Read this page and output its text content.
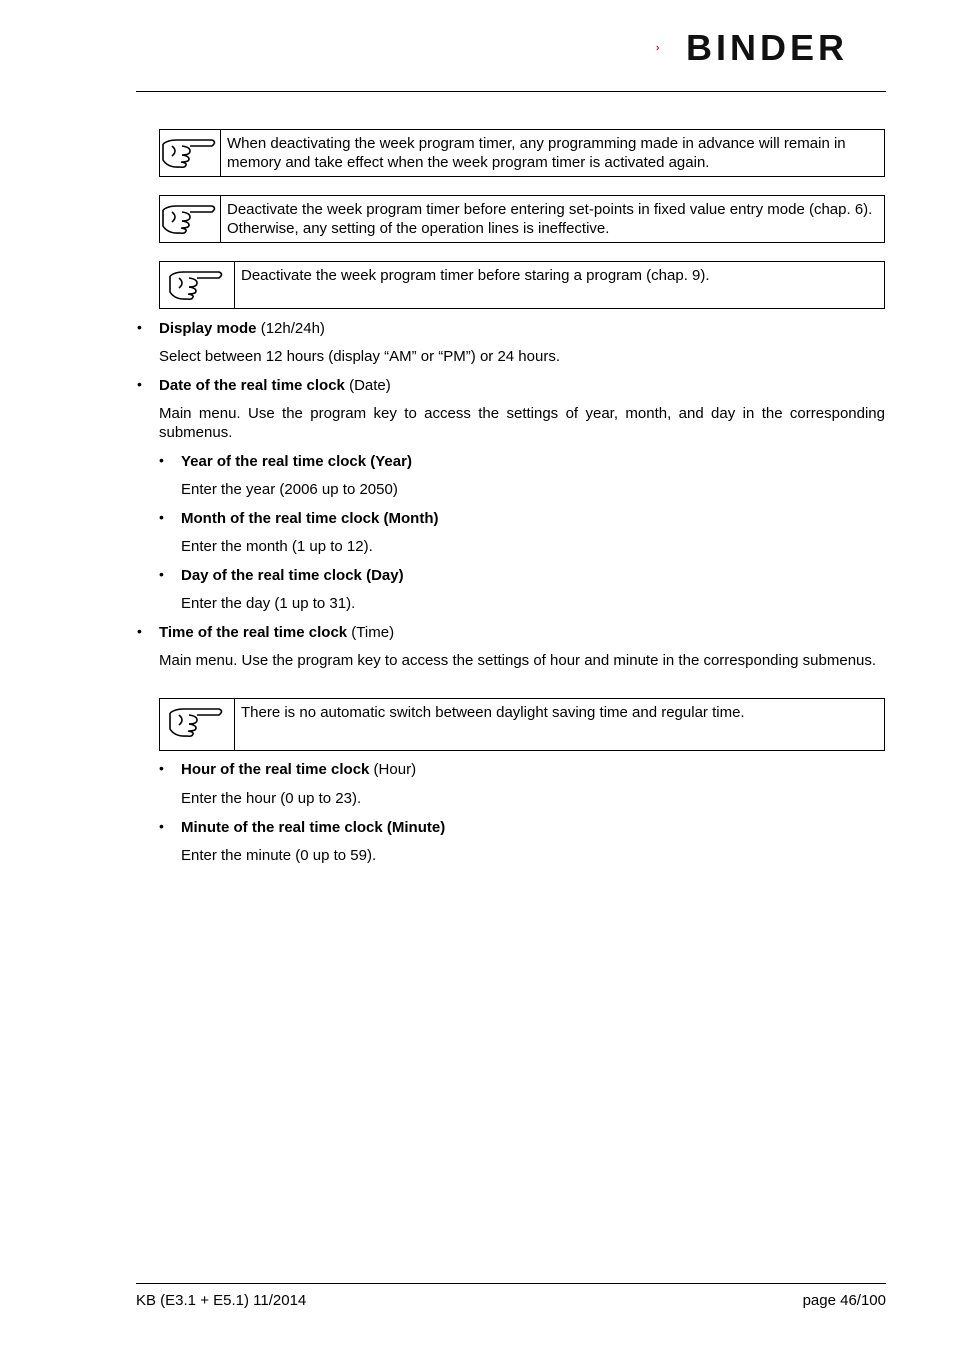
BINDER
When deactivating the week program timer, any programming made in advance will remain in memory and take effect when the week program timer is activated again.
Deactivate the week program timer before entering set-points in fixed value entry mode (chap. 6). Otherwise, any setting of the operation lines is ineffective.
Deactivate the week program timer before staring a program (chap. 9).
• Display mode (12h/24h)
Select between 12 hours (display “AM” or “PM”) or 24 hours.
• Date of the real time clock (Date)
Main menu. Use the program key to access the settings of year, month, and day in the corresponding submenus.
• Year of the real time clock (Year)
Enter the year (2006 up to 2050)
• Month of the real time clock (Month)
Enter the month (1 up to 12).
• Day of the real time clock (Day)
Enter the day (1 up to 31).
• Time of the real time clock (Time)
Main menu. Use the program key to access the settings of hour and minute in the corresponding submenus.
There is no automatic switch between daylight saving time and regular time.
• Hour of the real time clock (Hour)
Enter the hour (0 up to 23).
• Minute of the real time clock (Minute)
Enter the minute (0 up to 59).
KB (E3.1 + E5.1) 11/2014	page 46/100
